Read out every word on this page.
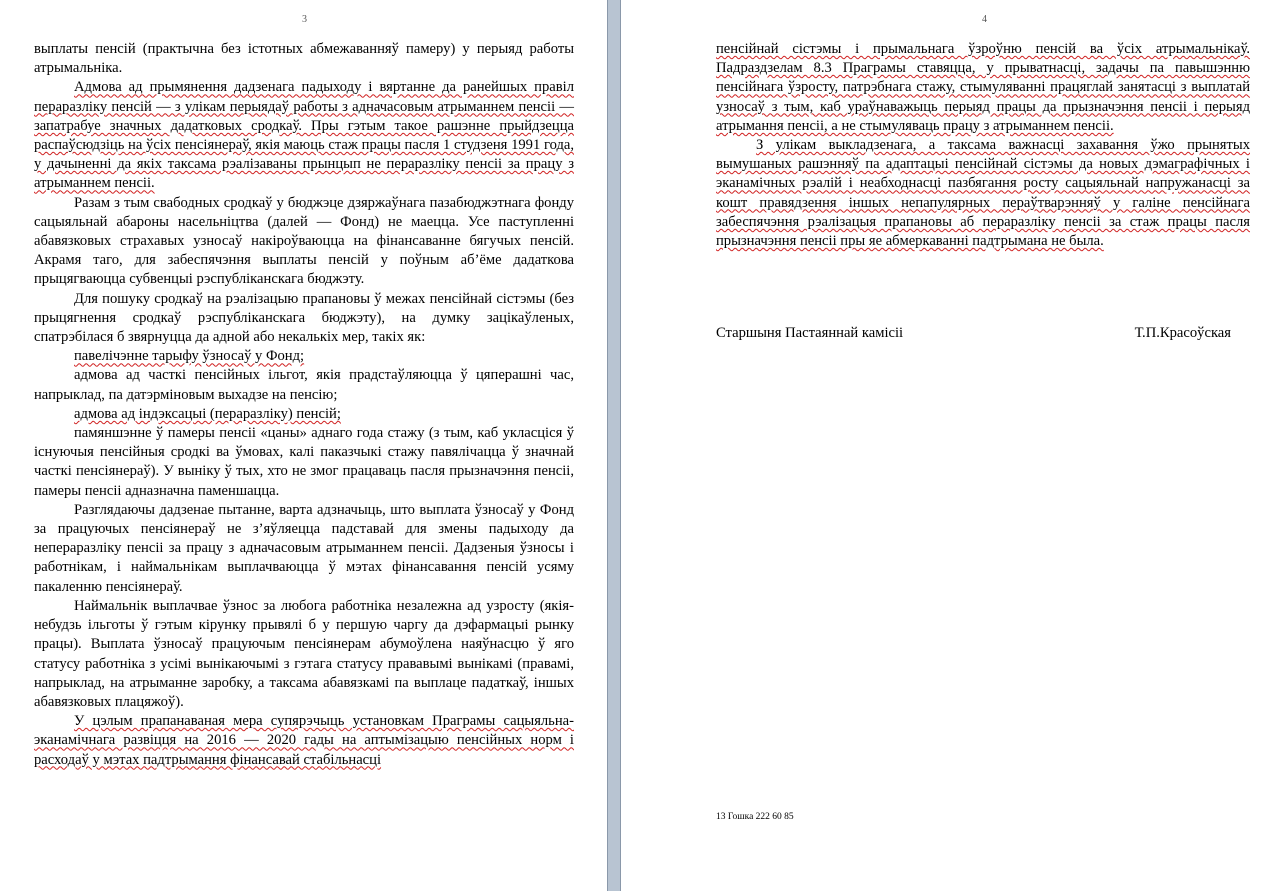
3

выплаты пенсій (практычна без істотных абмежаванняў памеру) у перыяд работы атрымальніка.

Адмова ад прымянення дадзенага падыходу і вяртанне да ранейшых правіл пераразліку пенсій — з улікам перыядаў работы з адначасовым атрыманнем пенсіі — запатрабуе значных дадатковых сродкаў. Пры гэтым такое рашэнне прыйдзецца распаўсюдзіць на ўсіх пенсіянераў, якія маюць стаж працы пасля 1 студзеня 1991 года, у дачыненні да якіх таксама рэалізаваны прынцып не пераразліку пенсіі за працу з атрыманнем пенсіі.

Разам з тым свабодных сродкаў у бюджэце дзяржаўнага пазабюджэтнага фонду сацыяльнай абароны насельніцтва (далей — Фонд) не маецца. Усе паступленні абавязковых страхавых узносаў накіроўваюцца на фінансаванне бягучых пенсій. Акрамя таго, для забеспячэння выплаты пенсій у поўным аб’ёме дадаткова прыцягваюцца субвенцыі рэспубліканскага бюджэту.

Для пошуку сродкаў на рэалізацыю прапановы ў межах пенсійнай сістэмы (без прыцягнення сродкаў рэспубліканскага бюджэту), на думку зацікаўленых, спатрэбілася б звярнуцца да адной або некалькіх мер, такіх як:

павелічэнне тарыфу ўзносаў у Фонд;

адмова ад часткі пенсійных ільгот, якія прадстаўляюцца ў цяперашні час, напрыклад, па датэрміновым выхадзе на пенсію;

адмова ад індэксацыі (пераразліку) пенсій;

памяншэнне ў памеры пенсіі «цаны» аднаго года стажу (з тым, каб укласціся ў існуючыя пенсійныя сродкі ва ўмовах, калі паказчыкі стажу павялічацца ў значнай часткі пенсіянераў). У выніку ў тых, хто не змог працаваць пасля прызначэння пенсіі, памеры пенсіі адназначна паменшацца.

Разглядаючы дадзенае пытанне, варта адзначыць, што выплата ўзносаў у Фонд за працуючых пенсіянераў не з’яўляецца падставай для змены падыходу да непераразліку пенсіі за працу з адначасовым атрыманнем пенсіі. Дадзеныя ўзносы і работнікам, і наймальнікам выплачваюцца ў мэтах фінансавання пенсій усяму пакаленню пенсіянераў.

Наймальнік выплачвае ўзнос за любога работніка незалежна ад узросту (якія-небудзь ільготы ў гэтым кірунку прывялі б у першую чаргу да дэфармацыі рынку працы). Выплата ўзносаў працуючым пенсіянерам абумоўлена наяўнасцю ў яго статусу работніка з усімі вынікаючымі з гэтага статусу прававымі вынікамі (правамі, напрыклад, на атрыманне заробку, а таксама абавязкамі па выплаце падаткаў, іншых абавязковых плацяжоў).

У цэлым прапанаваная мера супярэчыць установкам Праграмы сацыяльна-эканамічнага развіцця на 2016 — 2020 гады на аптымізацыю пенсійных норм і расходаў у мэтах падтрымання фінансавай стабільнасці

4

пенсійнай сістэмы і прымальнага ўзроўню пенсій ва ўсіх атрымальнікаў. Падраздзелам 8.3 Праграмы ставяцца, у прыватнасці, задачы па павышэнню пенсійнага ўзросту, патрэбнага стажу, стымуляванні працяглай занятасці з выплатай узносаў з тым, каб ураўнаважыць перыяд працы да прызначэння пенсіі і перыяд атрымання пенсіі, а не стымуляваць працу з атрыманнем пенсіі.

З улікам выкладзенага, а таксама важнасці захавання ўжо прынятых вымушаных рашэнняў па адаптацыі пенсійнай сістэмы да новых дэмаграфічных і эканамічных рэалій і неабходнасці пазбягання росту сацыяльнай напружанасці за кошт правядзення іншых непапулярных пераўтварэнняў у галіне пенсійнага забеспячэння рэалізацыя прапановы аб пераразліку пенсіі за стаж працы пасля прызначэння пенсіі пры яе абмеркаванні падтрымана не была.

Старшыня Пастаяннай камісіі	Т.П.Красоўская
13 Гошка 222 60 85
